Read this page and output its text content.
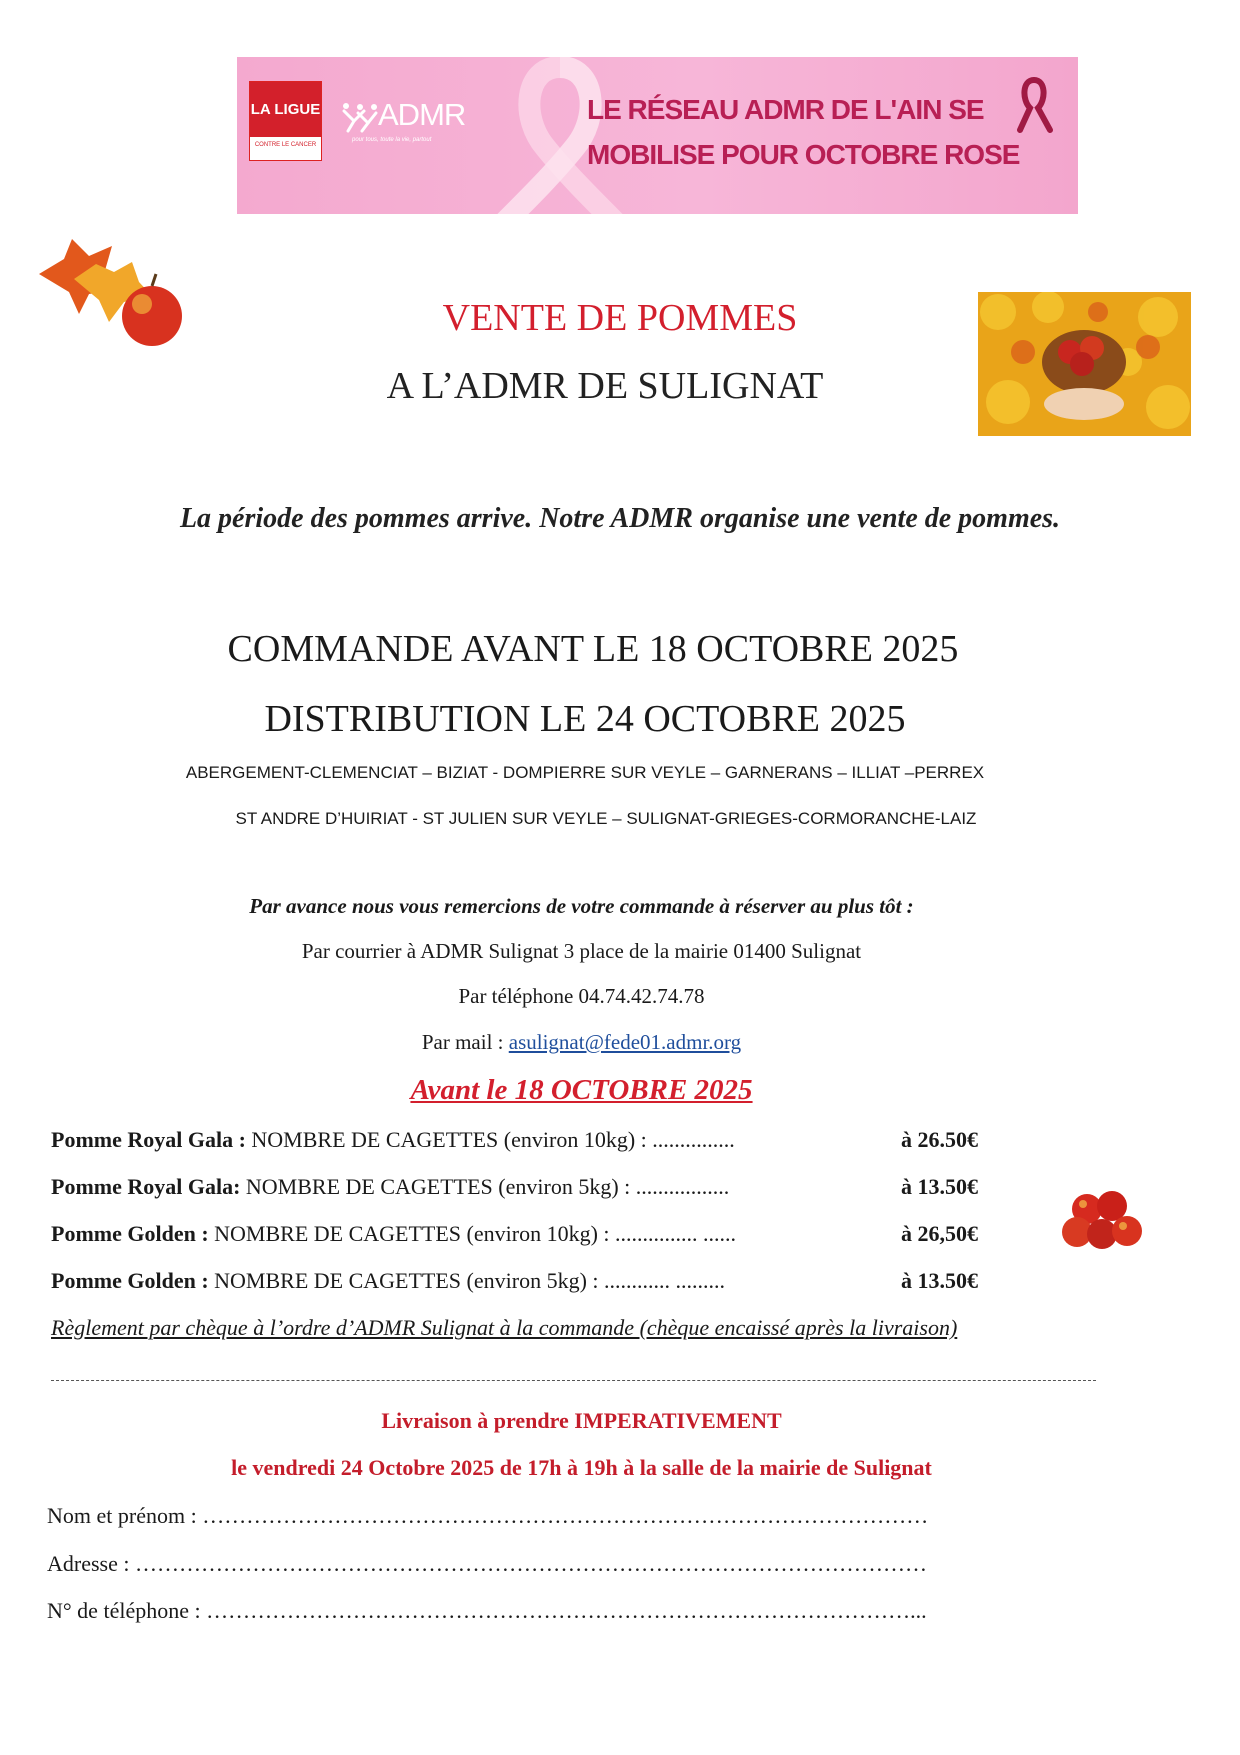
LA LIGUE
CONTRE LE CANCER
ADMR
pour tous, toute la vie, partout
LE RÉSEAU ADMR DE L'AIN SE
MOBILISE POUR OCTOBRE ROSE
VENTE DE POMMES
A L’ADMR DE SULIGNAT
La période des pommes arrive. Notre ADMR organise une vente de pommes.
COMMANDE AVANT LE 18 OCTOBRE 2025
DISTRIBUTION LE 24 OCTOBRE 2025
ABERGEMENT-CLEMENCIAT – BIZIAT - DOMPIERRE SUR VEYLE – GARNERANS – ILLIAT –PERREX
ST ANDRE D’HUIRIAT - ST JULIEN SUR VEYLE – SULIGNAT-GRIEGES-CORMORANCHE-LAIZ
Par avance nous vous remercions de votre commande à réserver au plus tôt :
Par courrier à ADMR Sulignat 3 place de la mairie 01400 Sulignat
Par téléphone 04.74.42.74.78
Par mail : asulignat@fede01.admr.org
Avant le 18 OCTOBRE 2025
Pomme Royal Gala : NOMBRE DE CAGETTES (environ 10kg) : ...............	à 26.50€
Pomme Royal Gala: NOMBRE DE CAGETTES (environ 5kg) : .................	à 13.50€
Pomme Golden : NOMBRE DE CAGETTES (environ 10kg) : ............... ......	à 26,50€
Pomme Golden : NOMBRE DE CAGETTES (environ 5kg) : ............ .........	à 13.50€
Règlement par chèque à l’ordre d’ADMR Sulignat à la commande (chèque encaissé après la livraison)
Livraison à prendre IMPERATIVEMENT
le vendredi 24 Octobre 2025 de 17h à 19h à la salle de la mairie de Sulignat
Nom et prénom : ………………………………………………………………………………………
Adresse : ………………………………………………………………………………………………
N° de téléphone : ……………………………………………………………………………………...
